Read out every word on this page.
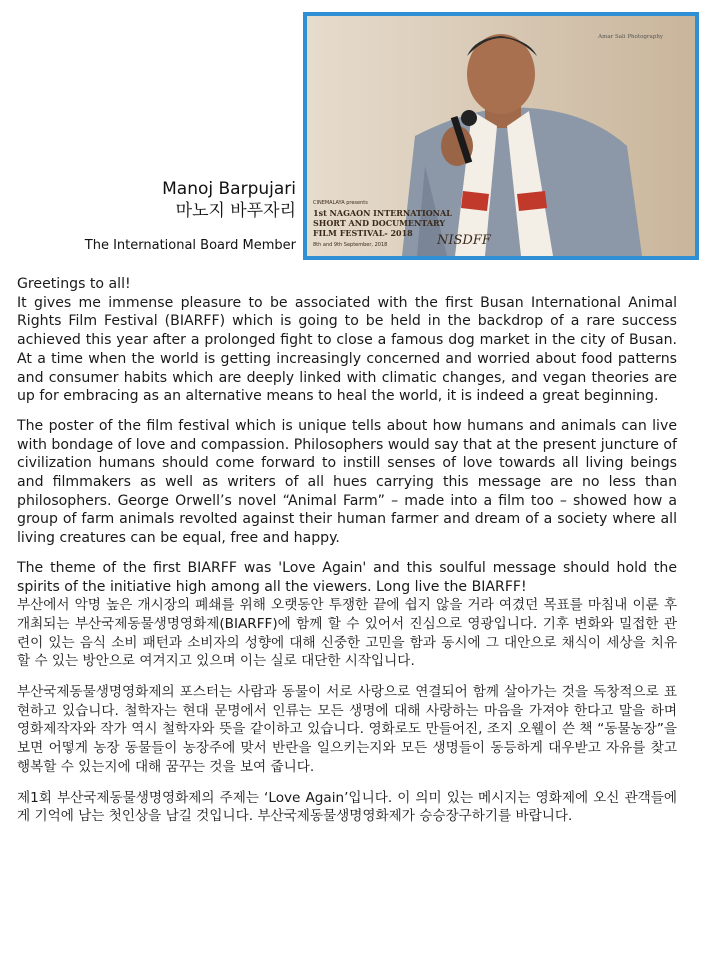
Manoj Barpujari
마노지 바푸자리
The International Board Member
Amar Sali Photography
CINEMALAYA presents
1st NAGAON INTERNATIONAL
SHORT AND DOCUMENTARY
FILM FESTIVAL- 2018
8th and 9th September, 2018	NISDFF

Greetings to all!

It gives me immense pleasure to be associated with the first Busan International Animal Rights Film Festival (BIARFF) which is going to be held in the backdrop of a rare success achieved this year after a prolonged fight to close a famous dog market in the city of Busan. At a time when the world is getting increasingly concerned and worried about food patterns and consumer habits which are deeply linked with climatic changes, and vegan theories are up for embracing as an alternative means to heal the world, it is indeed a great beginning.

The poster of the film festival which is unique tells about how humans and animals can live with bondage of love and compassion. Philosophers would say that at the present juncture of civilization humans should come forward to instill senses of love towards all living beings and filmmakers as well as writers of all hues carrying this message are no less than philosophers. George Orwell’s novel “Animal Farm” – made into a film too – showed how a group of farm animals revolted against their human farmer and dream of a society where all living creatures can be equal, free and happy.

The theme of the first BIARFF was 'Love Again' and this soulful message should hold the spirits of the initiative high among all the viewers. Long live the BIARFF!

부산에서 악명 높은 개시장의 폐쇄를 위해 오랫동안 투쟁한 끝에 쉽지 않을 거라 여겼던 목표를 마침내 이룬 후 개최되는 부산국제동물생명영화제(BIARFF)에 함께 할 수 있어서 진심으로 영광입니다. 기후 변화와 밀접한 관련이 있는 음식 소비 패턴과 소비자의 성향에 대해 신중한 고민을 함과 동시에 그 대안으로 채식이 세상을 치유할 수 있는 방안으로 여겨지고 있으며 이는 실로 대단한 시작입니다.

부산국제동물생명영화제의 포스터는 사람과 동물이 서로 사랑으로 연결되어 함께 살아가는 것을 독창적으로 표현하고 있습니다. 철학자는 현대 문명에서 인류는 모든 생명에 대해 사랑하는 마음을 가져야 한다고 말을 하며 영화제작자와 작가 역시 철학자와 뜻을 같이하고 있습니다. 영화로도 만들어진, 조지 오웰이 쓴 책 “동물농장”을 보면 어떻게 농장 동물들이 농장주에 맞서 반란을 일으키는지와 모든 생명들이 동등하게 대우받고 자유를 찾고 행복할 수 있는지에 대해 꿈꾸는 것을 보여 줍니다.

제1회 부산국제동물생명영화제의 주제는 ‘Love Again’입니다. 이 의미 있는 메시지는 영화제에 오신 관객들에게 기억에 남는 첫인상을 남길 것입니다. 부산국제동물생명영화제가 승승장구하기를 바랍니다.
